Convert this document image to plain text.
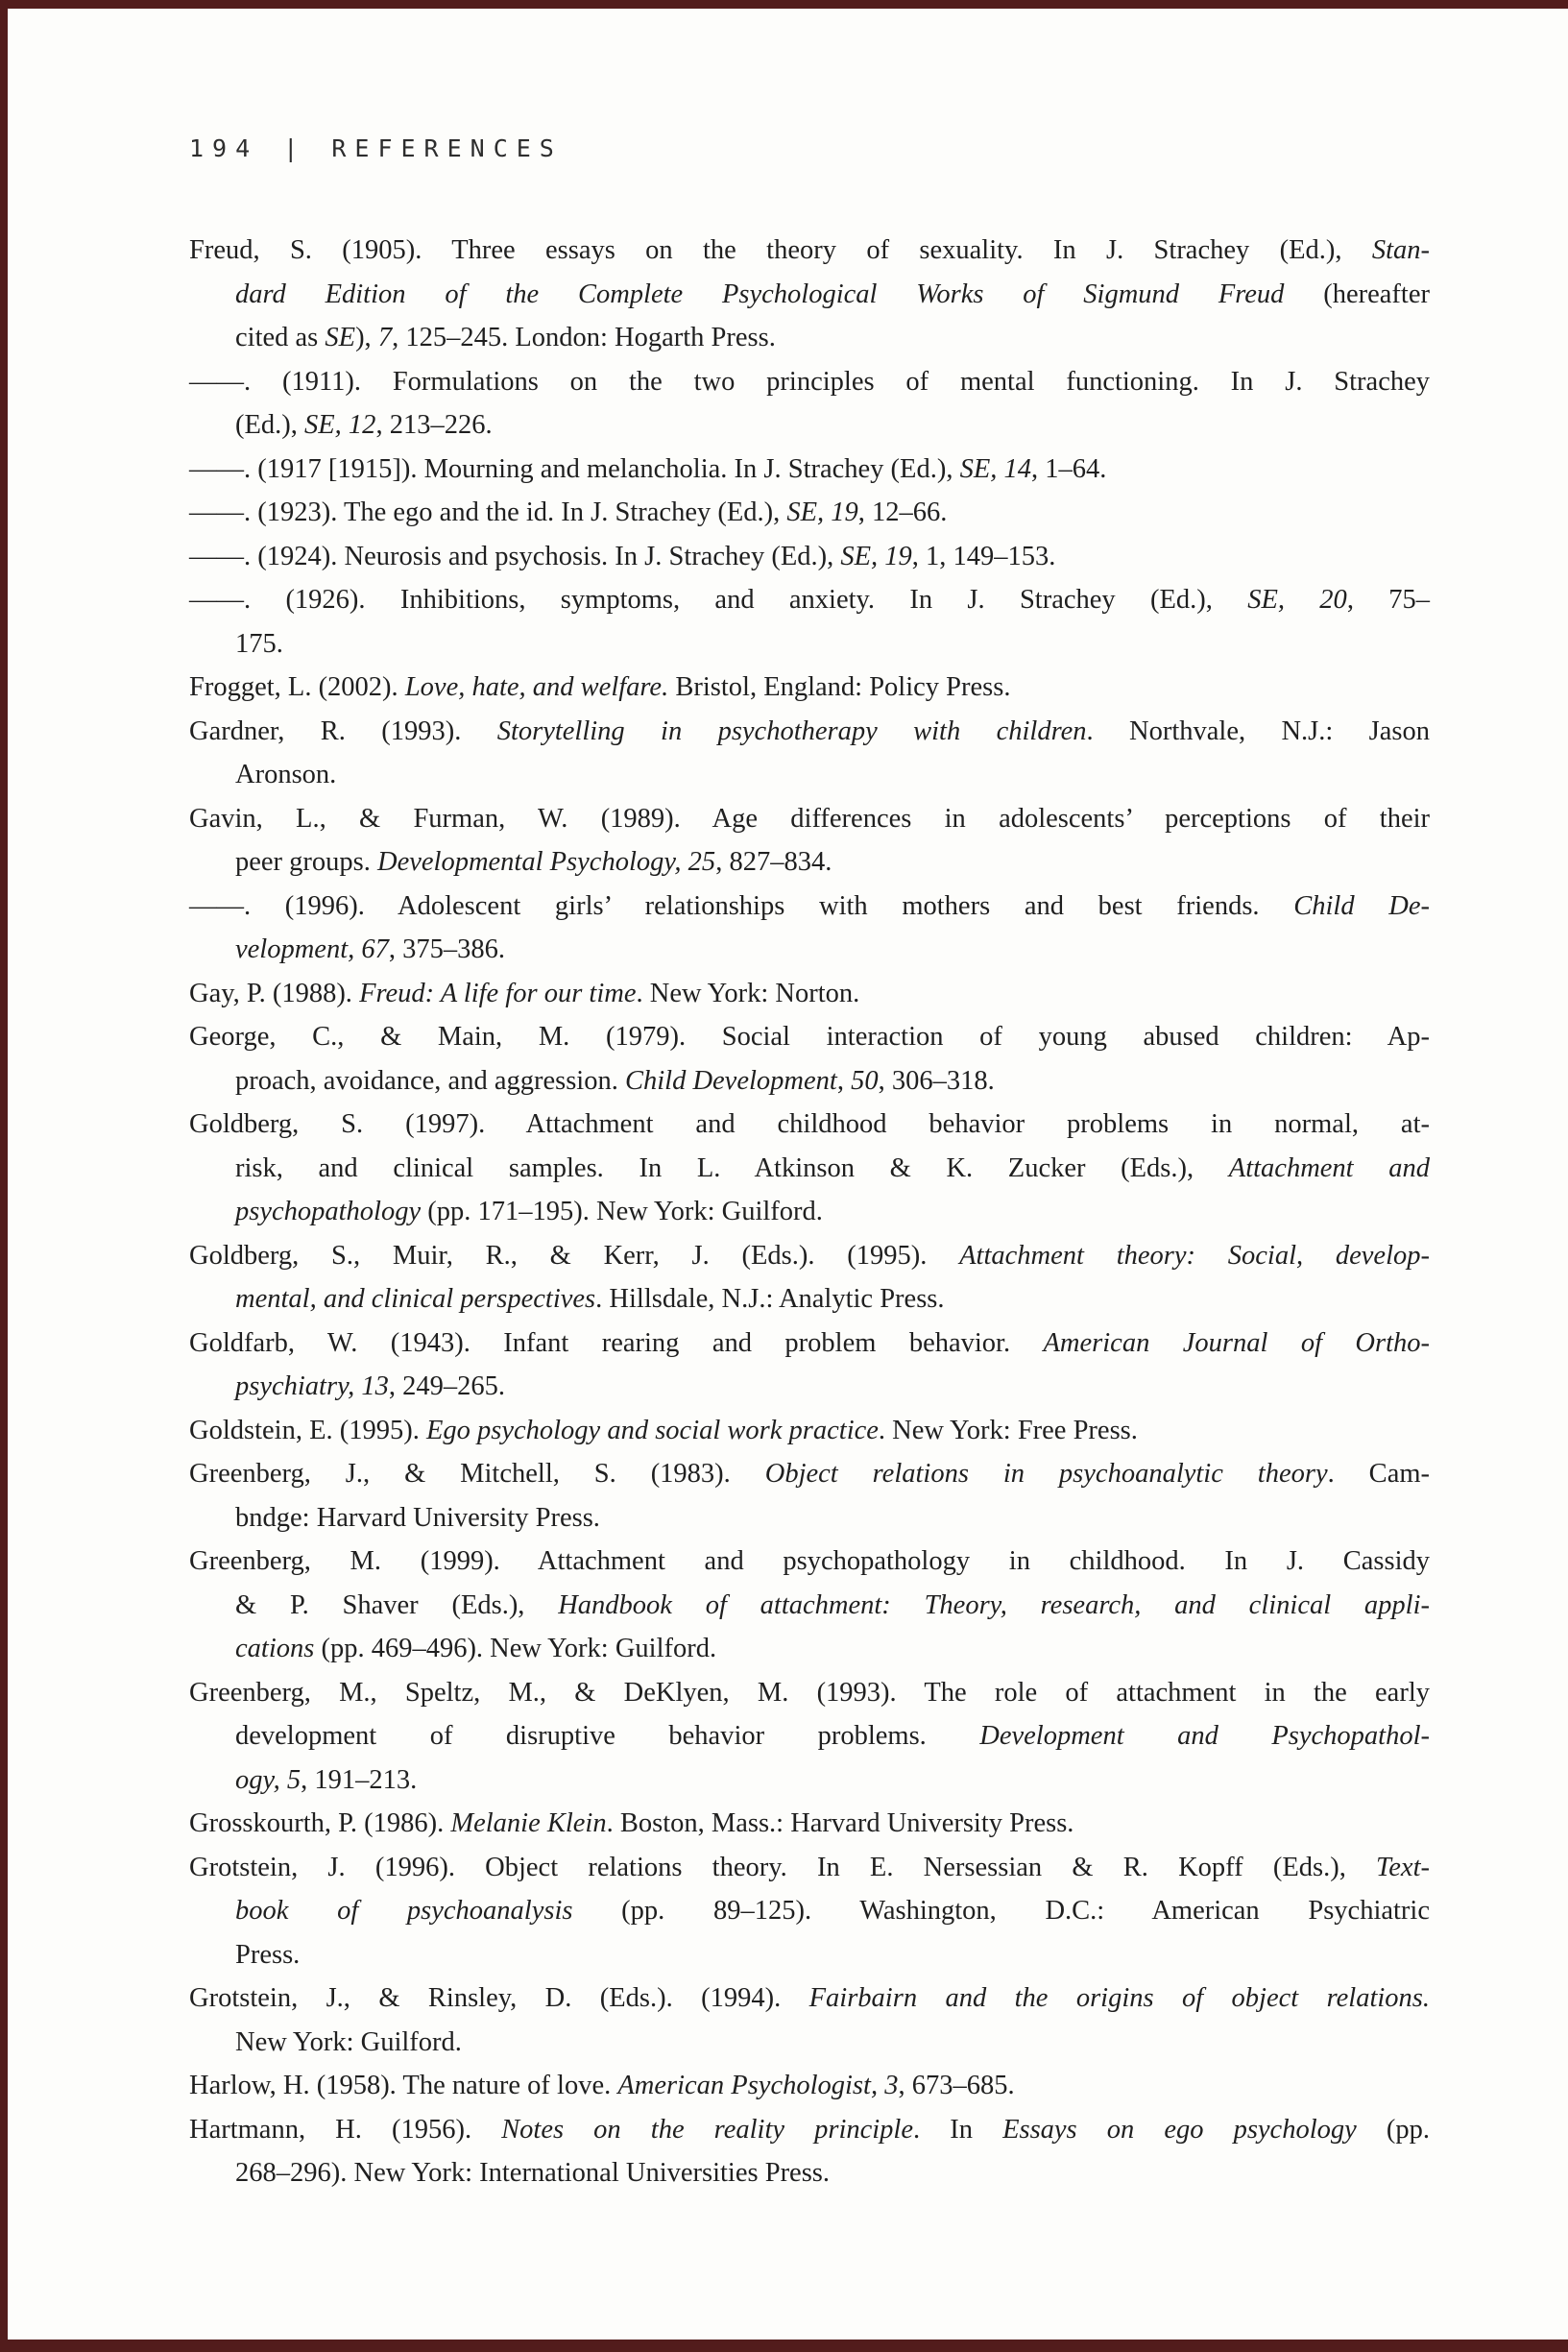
194 | REFERENCES
Freud, S. (1905). Three essays on the theory of sexuality. In J. Strachey (Ed.), Stan-
dard Edition of the Complete Psychological Works of Sigmund Freud (hereafter
cited as SE), 7, 125–245. London: Hogarth Press.
——. (1911). Formulations on the two principles of mental functioning. In J. Strachey
(Ed.), SE, 12, 213–226.
——. (1917 [1915]). Mourning and melancholia. In J. Strachey (Ed.), SE, 14, 1–64.
——. (1923). The ego and the id. In J. Strachey (Ed.), SE, 19, 12–66.
——. (1924). Neurosis and psychosis. In J. Strachey (Ed.), SE, 19, 1, 149–153.
——. (1926). Inhibitions, symptoms, and anxiety. In J. Strachey (Ed.), SE, 20, 75–
175.
Frogget, L. (2002). Love, hate, and welfare. Bristol, England: Policy Press.
Gardner, R. (1993). Storytelling in psychotherapy with children. Northvale, N.J.: Jason
Aronson.
Gavin, L., & Furman, W. (1989). Age differences in adolescents’ perceptions of their
peer groups. Developmental Psychology, 25, 827–834.
——. (1996). Adolescent girls’ relationships with mothers and best friends. Child De-
velopment, 67, 375–386.
Gay, P. (1988). Freud: A life for our time. New York: Norton.
George, C., & Main, M. (1979). Social interaction of young abused children: Ap-
proach, avoidance, and aggression. Child Development, 50, 306–318.
Goldberg, S. (1997). Attachment and childhood behavior problems in normal, at-
risk, and clinical samples. In L. Atkinson & K. Zucker (Eds.), Attachment and
psychopathology (pp. 171–195). New York: Guilford.
Goldberg, S., Muir, R., & Kerr, J. (Eds.). (1995). Attachment theory: Social, develop-
mental, and clinical perspectives. Hillsdale, N.J.: Analytic Press.
Goldfarb, W. (1943). Infant rearing and problem behavior. American Journal of Ortho-
psychiatry, 13, 249–265.
Goldstein, E. (1995). Ego psychology and social work practice. New York: Free Press.
Greenberg, J., & Mitchell, S. (1983). Object relations in psychoanalytic theory. Cam-
bndge: Harvard University Press.
Greenberg, M. (1999). Attachment and psychopathology in childhood. In J. Cassidy
& P. Shaver (Eds.), Handbook of attachment: Theory, research, and clinical appli-
cations (pp. 469–496). New York: Guilford.
Greenberg, M., Speltz, M., & DeKlyen, M. (1993). The role of attachment in the early
development of disruptive behavior problems. Development and Psychopathol-
ogy, 5, 191–213.
Grosskourth, P. (1986). Melanie Klein. Boston, Mass.: Harvard University Press.
Grotstein, J. (1996). Object relations theory. In E. Nersessian & R. Kopff (Eds.), Text-
book of psychoanalysis (pp. 89–125). Washington, D.C.: American Psychiatric
Press.
Grotstein, J., & Rinsley, D. (Eds.). (1994). Fairbairn and the origins of object relations.
New York: Guilford.
Harlow, H. (1958). The nature of love. American Psychologist, 3, 673–685.
Hartmann, H. (1956). Notes on the reality principle. In Essays on ego psychology (pp.
268–296). New York: International Universities Press.
